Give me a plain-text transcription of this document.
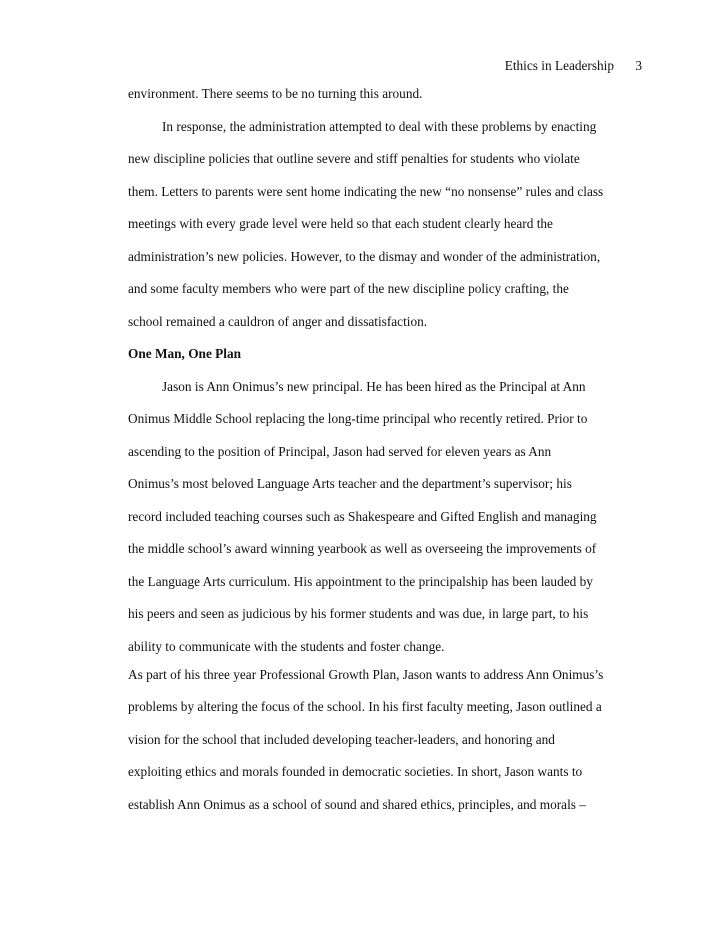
Ethics in Leadership 3
environment. There seems to be no turning this around.
In response, the administration attempted to deal with these problems by enacting
new discipline policies that outline severe and stiff penalties for students who violate
them. Letters to parents were sent home indicating the new “no nonsense” rules and class
meetings with every grade level were held so that each student clearly heard the
administration’s new policies. However, to the dismay and wonder of the administration,
and some faculty members who were part of the new discipline policy crafting, the
school remained a cauldron of anger and dissatisfaction.
One Man, One Plan
Jason is Ann Onimus’s new principal. He has been hired as the Principal at Ann
Onimus Middle School replacing the long-time principal who recently retired. Prior to
ascending to the position of Principal, Jason had served for eleven years as Ann
Onimus’s most beloved Language Arts teacher and the department’s supervisor; his
record included teaching courses such as Shakespeare and Gifted English and managing
the middle school’s award winning yearbook as well as overseeing the improvements of
the Language Arts curriculum. His appointment to the principalship has been lauded by
his peers and seen as judicious by his former students and was due, in large part, to his
ability to communicate with the students and foster change.
As part of his three year Professional Growth Plan, Jason wants to address Ann Onimus’s
problems by altering the focus of the school. In his first faculty meeting, Jason outlined a
vision for the school that included developing teacher-leaders, and honoring and
exploiting ethics and morals founded in democratic societies. In short, Jason wants to
establish Ann Onimus as a school of sound and shared ethics, principles, and morals –
